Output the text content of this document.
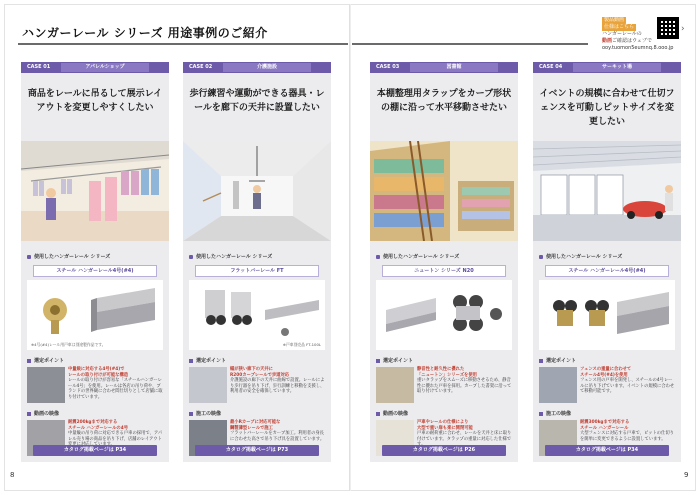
ハンガーレール シリーズ 用途事例のご紹介
製品動画仕様はこちら
ハンガーレールの
動画ご確認はウェブで
ooy.tuomon5eumnq.8.ooo.jp
›
CASE 01	アパレルショップ
商品をレールに吊るして展示レイアウトを変更しやすくしたい
使用したハンガーレール シリーズ
スチール ハンガーレール4号(#4)
※4号(#4)レール用戸車は別途製作品です。
選定ポイント
中量級に対応する4号(#4)で
レールの取り付けが可能な構造
レールの取り付けが容易な「スチールハンガーレール4号」を使用。レールは各店の吊り荷や、ブランドの世界観に合わせ間仕切りとして店舗に取り付けています。
動画の映像
耐震200kgまで対応する
スチール ハンガーレールの4号
中量級の吊り荷に対応できる戸車の採用で、アパレル売り場の商品を吊り下げ、店舗のレイアウト
カタログ掲載ページは P34
CASE 02	介護施設
歩行練習や運動ができる器具・レールを廊下の天井に設置したい
使用したハンガーレール シリーズ
フラットバーレール FT
※戸車別売品 FT-100L
選定ポイント
幅が狭い廊下の天井に
R200カーブレールで歩道対応
介護施設の廊下の天井に曲線で設置。レールにより歩行器を吊り下げ、歩行訓練と移動を支援し、利用者の安全を確保しています。
施工の映像
最小Rカーブに対応可能な
鋼製薄型レールで施工
フラットバーレールをカーブ加工。利用者の身長に合わせた高さで吊り下げ具を設置しています。
カタログ掲載ページは P73
CASE 03	図書館
本棚整理用タラップをカーブ形状の棚に沿って水平移動させたい
使用したハンガーレール シリーズ
ニュートン シリーズ N20
選定ポイント
静音性と耐久性に優れた
「ニュートン」シリーズを使用
重いタラップをスムーズに移動させるため、静音性に優れた戸車を採用。カーブした書架に沿って取り付けています。
動画の映像
戸車やレールの仕様により
大型で重い扉も楽に開閉可能
戸車の耐荷重に合わせ、レールを天井と床に取り付けています。タラップの重量に対応した仕様で
カタログ掲載ページは P26
CASE 04	サーキット場
イベントの規模に合わせて仕切フェンスを可動しピットサイズを変更したい
使用したハンガーレール シリーズ
スチール ハンガーレール4号(#4)
選定ポイント
フェンスの重量に合わせて
スチール4号(#4)を使用
フェンス用の戸車を開発し、スチールの4号レールに吊り下げています。イベントの規模に合わせて移動可能です。
施工の映像
耐震300kgまで対応する
スチール ハンガーレール
大型フェンスに対応する戸車で、ピットの仕切りを簡単に変更できるように設置しています。
カタログ掲載ページは P34
8	9
